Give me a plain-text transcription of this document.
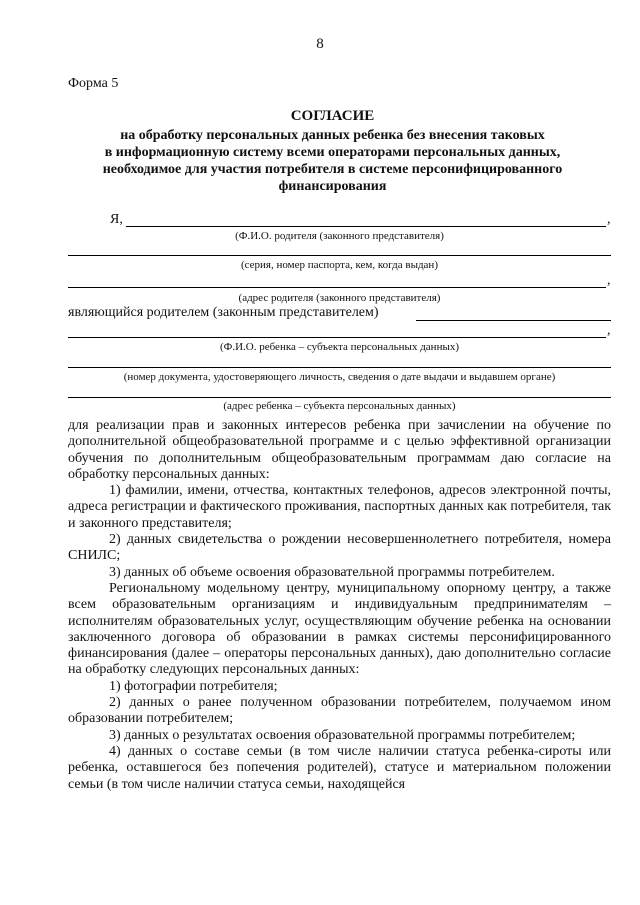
8
Форма 5
СОГЛАСИЕ
на обработку персональных данных ребенка без внесения таковых
в информационную систему всеми операторами персональных данных,
необходимое для участия потребителя в системе персонифицированного
финансирования
Я,	,
(Ф.И.О. родителя (законного представителя)
(серия, номер паспорта, кем, когда выдан)
,
(адрес родителя (законного представителя)
являющийся родителем (законным представителем)
,
(Ф.И.О. ребенка – субъекта персональных данных)
(номер документа, удостоверяющего личность, сведения о дате выдачи и выдавшем органе)
(адрес ребенка – субъекта персональных данных)

для реализации прав и законных интересов ребенка при зачислении на обучение по дополнительной общеобразовательной программе и с целью эффективной организации обучения по дополнительным общеобразовательным программам даю согласие на обработку персональных данных:

1) фамилии, имени, отчества, контактных телефонов, адресов электронной почты, адреса регистрации и фактического проживания, паспортных данных как потребителя, так и законного представителя;

2) данных свидетельства о рождении несовершеннолетнего потребителя, номера СНИЛС;

3) данных об объеме освоения образовательной программы потребителем.

Региональному модельному центру, муниципальному опорному центру, а также всем образовательным организациям и индивидуальным предпринимателям – исполнителям образовательных услуг, осуществляющим обучение ребенка на основании заключенного договора об образовании в рамках системы персонифицированного финансирования (далее – операторы персональных данных), даю дополнительно согласие на обработку следующих персональных данных:

1) фотографии потребителя;

2) данных о ранее полученном образовании потребителем, получаемом ином образовании потребителем;

3) данных о результатах освоения образовательной программы потребителем;

4) данных о составе семьи (в том числе наличии статуса ребенка-сироты или ребенка, оставшегося без попечения родителей), статусе и материальном положении семьи (в том числе наличии статуса семьи, находящейся
